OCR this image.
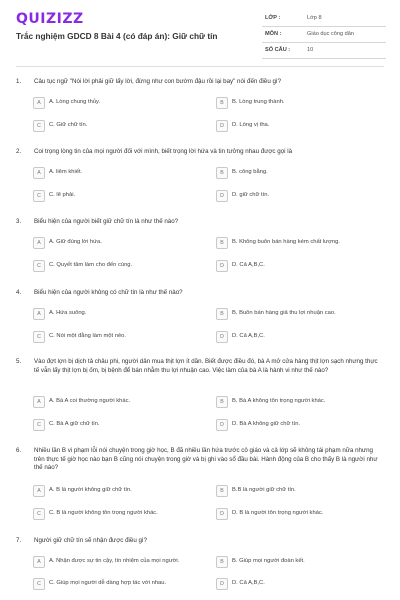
QUIZIZZ
Trắc nghiệm GDCD 8 Bài 4 (có đáp án): Giữ chữ tín
LỚP :	Lớp 8
MÔN :	Giáo dục công dân
SỐ CÂU :	10
1. Câu tục ngữ "Nói lời phải giữ lấy lời, đừng như con bướm đậu rồi lại bay" nói đến điều gì?
A	A. Lòng chung thủy.	B	B. Lòng trung thành.
C	C. Giữ chữ tín.	D	D. Lòng vị tha.
2. Coi trọng lòng tin của mọi người đối với mình, biết trọng lời hứa và tin tưởng nhau được gọi là
A	A. liêm khiết.	B	B. công bằng.
C	C. lẽ phải.	D	D. giữ chữ tín.
3. Biểu hiện của người biết giữ chữ tín là như thế nào?
A	A. Giữ đúng lời hứa.	B	B. Không buôn bán hàng kém chất lượng.
C	C. Quyết tâm làm cho đến cùng.	D	D. Cả A,B,C.
4. Biểu hiện của người không có chữ tín là như thế nào?
A	A. Hứa suông.	B	B. Buôn bán hàng giả thu lợi nhuận cao.
C	C. Nói một đằng làm một nẻo.	D	D. Cả A,B,C.
5. Vào đợt lợn bị dịch tả châu phi, người dân mua thịt lợn ít dần. Biết được điều đó, bà A mở cửa hàng thịt lợn sạch nhưng thực tế vẫn lấy thịt lợn bị ốm, bị bệnh để bán nhằm thu lợi nhuận cao. Việc làm của bà A là hành vi như thế nào?
A	A. Bà A coi thường người khác.	B	B. Bà A không tôn trọng người khác.
C	C. Bà A giữ chữ tín.	D	D. Bà A không giữ chữ tín.
6. Nhiều lần B vi phạm lỗi nói chuyện trong giờ học, B đã nhiều lần hứa trước cô giáo và cả lớp sẽ không tái phạm nữa nhưng trên thực tế giờ học nào bạn B cũng nói chuyện trong giờ và bị ghi vào sổ đầu bài. Hành động của B cho thấy B là người như thế nào?
A	A. B là người không giữ chữ tín.	B	B.B là người giữ chữ tín.
C	C. B là người không tôn trọng người khác.	D	D. B là người tôn trọng người khác.
7. Người giữ chữ tín sẽ nhận được điều gì?
A	A. Nhận được sự tin cậy, tín nhiệm của mọi người.	B	B. Giúp mọi người đoàn kết.
C	C. Giúp mọi người dễ dàng hợp tác với nhau.	D	D. Cả A,B,C.
